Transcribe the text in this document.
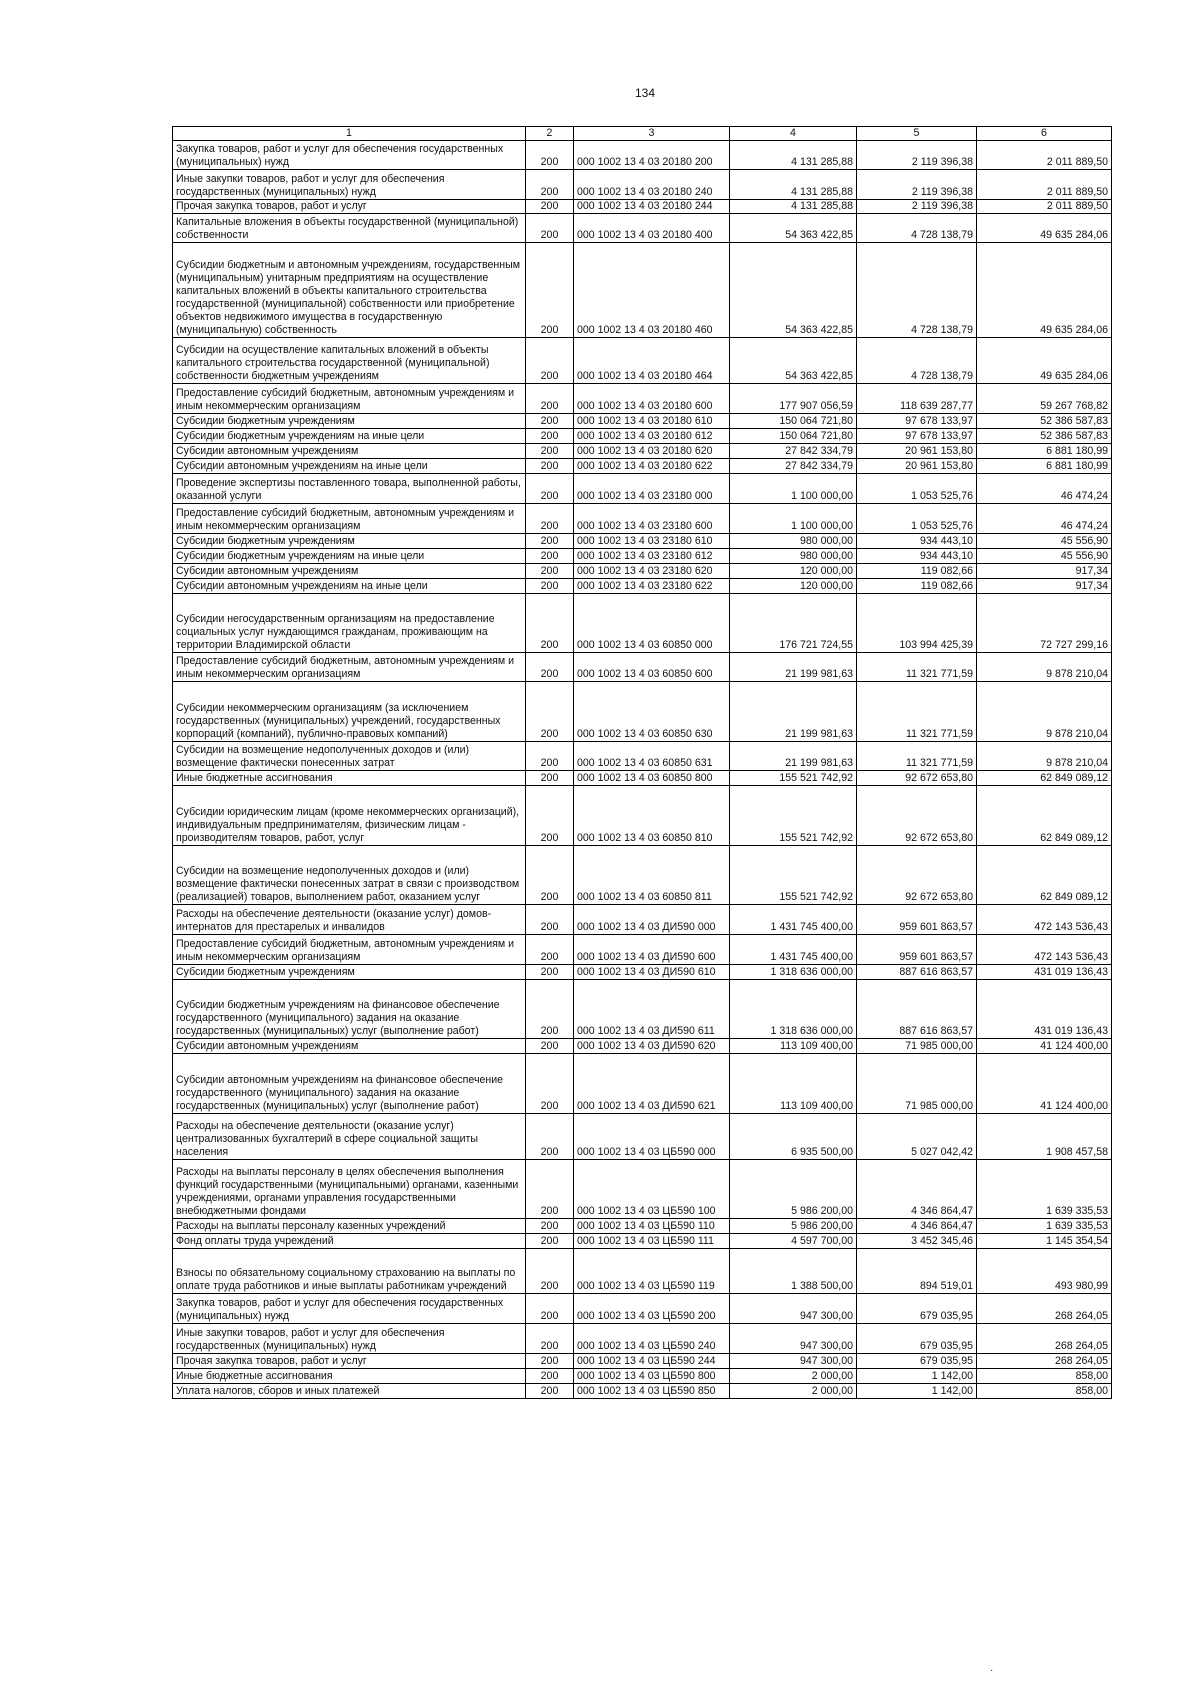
134
1	2	3	4	5	6
Закупка товаров, работ и услуг для обеспечения государственных (муниципальных) нужд	200	000 1002 13 4 03 20180 200	4 131 285,88	2 119 396,38	2 011 889,50
Иные закупки товаров, работ и услуг для обеспечения государственных (муниципальных) нужд	200	000 1002 13 4 03 20180 240	4 131 285,88	2 119 396,38	2 011 889,50
Прочая закупка товаров, работ и услуг	200	000 1002 13 4 03 20180 244	4 131 285,88	2 119 396,38	2 011 889,50
Капитальные вложения в объекты государственной (муниципальной) собственности	200	000 1002 13 4 03 20180 400	54 363 422,85	4 728 138,79	49 635 284,06
Субсидии бюджетным и автономным учреждениям, государственным (муниципальным) унитарным предприятиям на осуществление капитальных вложений в объекты капитального строительства государственной (муниципальной) собственности или приобретение объектов недвижимого имущества в государственную (муниципальную) собственность	200	000 1002 13 4 03 20180 460	54 363 422,85	4 728 138,79	49 635 284,06
Субсидии на осуществление капитальных вложений в объекты капитального строительства государственной (муниципальной) собственности бюджетным учреждениям	200	000 1002 13 4 03 20180 464	54 363 422,85	4 728 138,79	49 635 284,06
Предоставление субсидий бюджетным, автономным учреждениям и иным некоммерческим организациям	200	000 1002 13 4 03 20180 600	177 907 056,59	118 639 287,77	59 267 768,82
Субсидии бюджетным учреждениям	200	000 1002 13 4 03 20180 610	150 064 721,80	97 678 133,97	52 386 587,83
Субсидии бюджетным учреждениям на иные цели	200	000 1002 13 4 03 20180 612	150 064 721,80	97 678 133,97	52 386 587,83
Субсидии автономным учреждениям	200	000 1002 13 4 03 20180 620	27 842 334,79	20 961 153,80	6 881 180,99
Субсидии автономным учреждениям на иные цели	200	000 1002 13 4 03 20180 622	27 842 334,79	20 961 153,80	6 881 180,99
Проведение экспертизы поставленного товара, выполненной работы, оказанной услуги	200	000 1002 13 4 03 23180 000	1 100 000,00	1 053 525,76	46 474,24
Предоставление субсидий бюджетным, автономным учреждениям и иным некоммерческим организациям	200	000 1002 13 4 03 23180 600	1 100 000,00	1 053 525,76	46 474,24
Субсидии бюджетным учреждениям	200	000 1002 13 4 03 23180 610	980 000,00	934 443,10	45 556,90
Субсидии бюджетным учреждениям на иные цели	200	000 1002 13 4 03 23180 612	980 000,00	934 443,10	45 556,90
Субсидии автономным учреждениям	200	000 1002 13 4 03 23180 620	120 000,00	119 082,66	917,34
Субсидии автономным учреждениям на иные цели	200	000 1002 13 4 03 23180 622	120 000,00	119 082,66	917,34
Субсидии негосударственным организациям на предоставление социальных услуг нуждающимся гражданам, проживающим на территории Владимирской области	200	000 1002 13 4 03 60850 000	176 721 724,55	103 994 425,39	72 727 299,16
Предоставление субсидий бюджетным, автономным учреждениям и иным некоммерческим организациям	200	000 1002 13 4 03 60850 600	21 199 981,63	11 321 771,59	9 878 210,04
Субсидии некоммерческим организациям (за исключением государственных (муниципальных) учреждений, государственных корпораций (компаний), публично-правовых компаний)	200	000 1002 13 4 03 60850 630	21 199 981,63	11 321 771,59	9 878 210,04
Субсидии на возмещение недополученных доходов и (или) возмещение фактически понесенных затрат	200	000 1002 13 4 03 60850 631	21 199 981,63	11 321 771,59	9 878 210,04
Иные бюджетные ассигнования	200	000 1002 13 4 03 60850 800	155 521 742,92	92 672 653,80	62 849 089,12
Субсидии юридическим лицам (кроме некоммерческих организаций), индивидуальным предпринимателям, физическим лицам - производителям товаров, работ, услуг	200	000 1002 13 4 03 60850 810	155 521 742,92	92 672 653,80	62 849 089,12
Субсидии на возмещение недополученных доходов и (или) возмещение фактически понесенных затрат в связи с производством (реализацией) товаров, выполнением работ, оказанием услуг	200	000 1002 13 4 03 60850 811	155 521 742,92	92 672 653,80	62 849 089,12
Расходы на обеспечение деятельности (оказание услуг) домов-интернатов для престарелых и инвалидов	200	000 1002 13 4 03 ДИ590 000	1 431 745 400,00	959 601 863,57	472 143 536,43
Предоставление субсидий бюджетным, автономным учреждениям и иным некоммерческим организациям	200	000 1002 13 4 03 ДИ590 600	1 431 745 400,00	959 601 863,57	472 143 536,43
Субсидии бюджетным учреждениям	200	000 1002 13 4 03 ДИ590 610	1 318 636 000,00	887 616 863,57	431 019 136,43
Субсидии бюджетным учреждениям на финансовое обеспечение государственного (муниципального) задания на оказание государственных (муниципальных) услуг (выполнение работ)	200	000 1002 13 4 03 ДИ590 611	1 318 636 000,00	887 616 863,57	431 019 136,43
Субсидии автономным учреждениям	200	000 1002 13 4 03 ДИ590 620	113 109 400,00	71 985 000,00	41 124 400,00
Субсидии автономным учреждениям на финансовое обеспечение государственного (муниципального) задания на оказание государственных (муниципальных) услуг (выполнение работ)	200	000 1002 13 4 03 ДИ590 621	113 109 400,00	71 985 000,00	41 124 400,00
Расходы на обеспечение деятельности (оказание услуг) централизованных бухгалтерий в сфере социальной защиты населения	200	000 1002 13 4 03 ЦБ590 000	6 935 500,00	5 027 042,42	1 908 457,58
Расходы на выплаты персоналу в целях обеспечения выполнения функций государственными (муниципальными) органами, казенными учреждениями, органами управления государственными внебюджетными фондами	200	000 1002 13 4 03 ЦБ590 100	5 986 200,00	4 346 864,47	1 639 335,53
Расходы на выплаты персоналу казенных учреждений	200	000 1002 13 4 03 ЦБ590 110	5 986 200,00	4 346 864,47	1 639 335,53
Фонд оплаты труда учреждений	200	000 1002 13 4 03 ЦБ590 111	4 597 700,00	3 452 345,46	1 145 354,54
Взносы по обязательному социальному страхованию на выплаты по оплате труда работников и иные выплаты работникам учреждений	200	000 1002 13 4 03 ЦБ590 119	1 388 500,00	894 519,01	493 980,99
Закупка товаров, работ и услуг для обеспечения государственных (муниципальных) нужд	200	000 1002 13 4 03 ЦБ590 200	947 300,00	679 035,95	268 264,05
Иные закупки товаров, работ и услуг для обеспечения государственных (муниципальных) нужд	200	000 1002 13 4 03 ЦБ590 240	947 300,00	679 035,95	268 264,05
Прочая закупка товаров, работ и услуг	200	000 1002 13 4 03 ЦБ590 244	947 300,00	679 035,95	268 264,05
Иные бюджетные ассигнования	200	000 1002 13 4 03 ЦБ590 800	2 000,00	1 142,00	858,00
Уплата налогов, сборов и иных платежей	200	000 1002 13 4 03 ЦБ590 850	2 000,00	1 142,00	858,00
·
